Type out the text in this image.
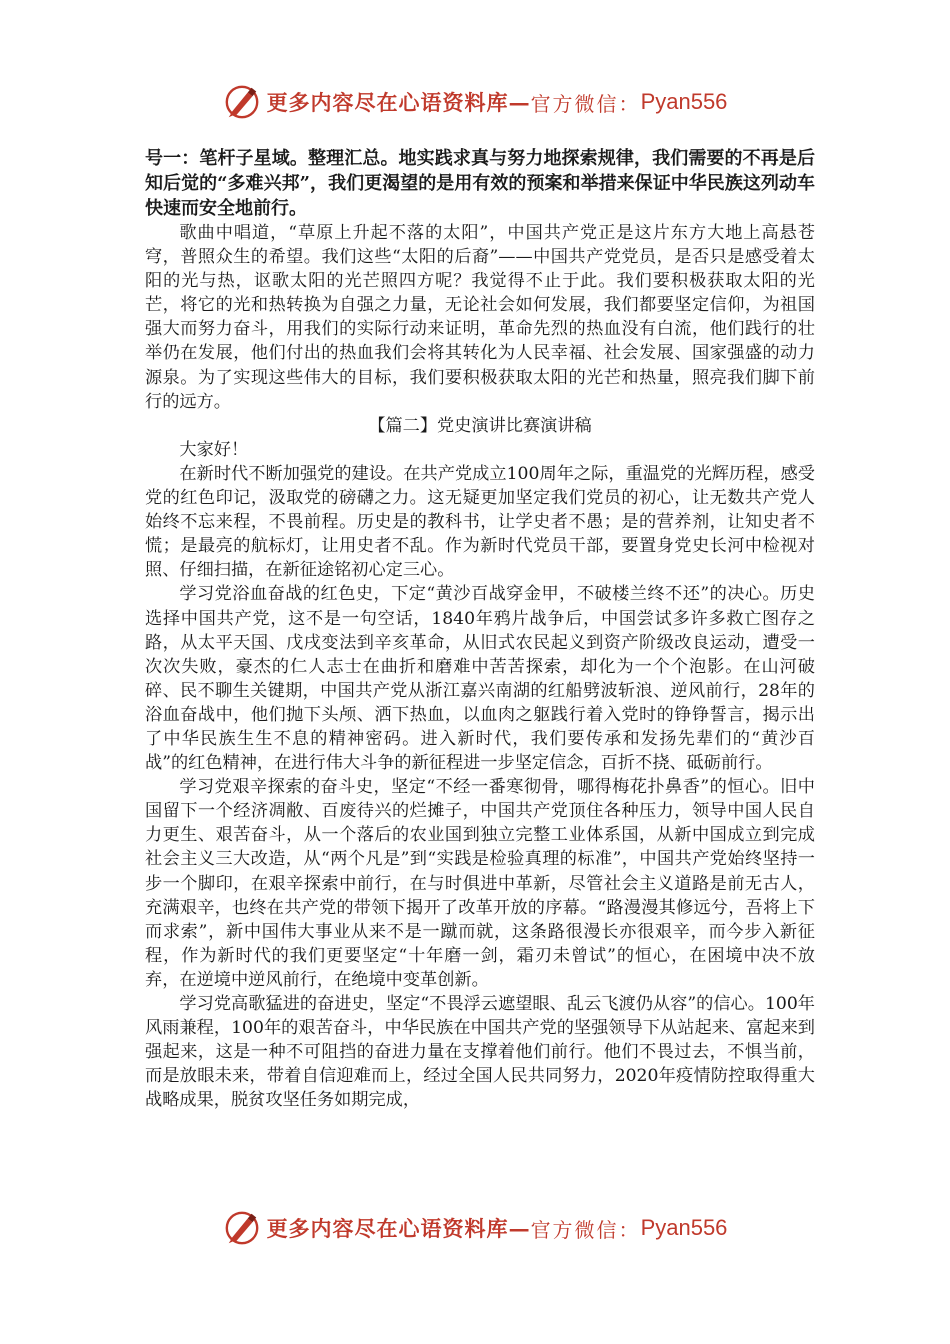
更多内容尽在心语资料库 — 官方微信： Pyan556

号一：笔杆子星域。整理汇总。地实践求真与努力地探索规律，我们需要的不再是后知后觉的“多难兴邦”，我们更渴望的是用有效的预案和举措来保证中华民族这列动车快速而安全地前行。

歌曲中唱道，“草原上升起不落的太阳”，中国共产党正是这片东方大地上高悬苍穹，普照众生的希望。我们这些“太阳的后裔”——中国共产党党员，是否只是感受着太阳的光与热，讴歌太阳的光芒照四方呢？我觉得不止于此。我们要积极获取太阳的光芒，将它的光和热转换为自强之力量，无论社会如何发展，我们都要坚定信仰，为祖国强大而努力奋斗，用我们的实际行动来证明，革命先烈的热血没有白流，他们践行的壮举仍在发展，他们付出的热血我们会将其转化为人民幸福、社会发展、国家强盛的动力源泉。为了实现这些伟大的目标，我们要积极获取太阳的光芒和热量，照亮我们脚下前行的远方。

【篇二】党史演讲比赛演讲稿

大家好！

在新时代不断加强党的建设。在共产党成立100周年之际，重温党的光辉历程，感受党的红色印记，汲取党的磅礴之力。这无疑更加坚定我们党员的初心，让无数共产党人始终不忘来程，不畏前程。历史是的教科书，让学史者不愚；是的营养剂，让知史者不慌；是最亮的航标灯，让用史者不乱。作为新时代党员干部，要置身党史长河中检视对照、仔细扫描，在新征途铭初心定三心。

学习党浴血奋战的红色史，下定“黄沙百战穿金甲，不破楼兰终不还”的决心。历史选择中国共产党，这不是一句空话，1840年鸦片战争后，中国尝试多许多救亡图存之路，从太平天国、戊戌变法到辛亥革命，从旧式农民起义到资产阶级改良运动，遭受一次次失败，豪杰的仁人志士在曲折和磨难中苦苦探索，却化为一个个泡影。在山河破碎、民不聊生关键期，中国共产党从浙江嘉兴南湖的红船劈波斩浪、逆风前行，28年的浴血奋战中，他们抛下头颅、洒下热血，以血肉之躯践行着入党时的铮铮誓言，揭示出了中华民族生生不息的精神密码。进入新时代，我们要传承和发扬先辈们的“黄沙百战”的红色精神，在进行伟大斗争的新征程进一步坚定信念，百折不挠、砥砺前行。

学习党艰辛探索的奋斗史，坚定“不经一番寒彻骨，哪得梅花扑鼻香”的恒心。旧中国留下一个经济凋敝、百废待兴的烂摊子，中国共产党顶住各种压力，领导中国人民自力更生、艰苦奋斗，从一个落后的农业国到独立完整工业体系国，从新中国成立到完成社会主义三大改造，从“两个凡是”到“实践是检验真理的标准”，中国共产党始终坚持一步一个脚印，在艰辛探索中前行，在与时俱进中革新，尽管社会主义道路是前无古人，充满艰辛，也终在共产党的带领下揭开了改革开放的序幕。“路漫漫其修远兮，吾将上下而求索”，新中国伟大事业从来不是一蹴而就，这条路很漫长亦很艰辛，而今步入新征程，作为新时代的我们更要坚定“十年磨一剑，霜刃未曾试”的恒心，在困境中决不放弃，在逆境中逆风前行，在绝境中变革创新。

学习党高歌猛进的奋进史，坚定“不畏浮云遮望眼、乱云飞渡仍从容”的信心。100年风雨兼程，100年的艰苦奋斗，中华民族在中国共产党的坚强领导下从站起来、富起来到强起来，这是一种不可阻挡的奋进力量在支撑着他们前行。他们不畏过去，不惧当前，而是放眼未来，带着自信迎难而上，经过全国人民共同努力，2020年疫情防控取得重大战略成果，脱贫攻坚任务如期完成，

更多内容尽在心语资料库 — 官方微信： Pyan556
